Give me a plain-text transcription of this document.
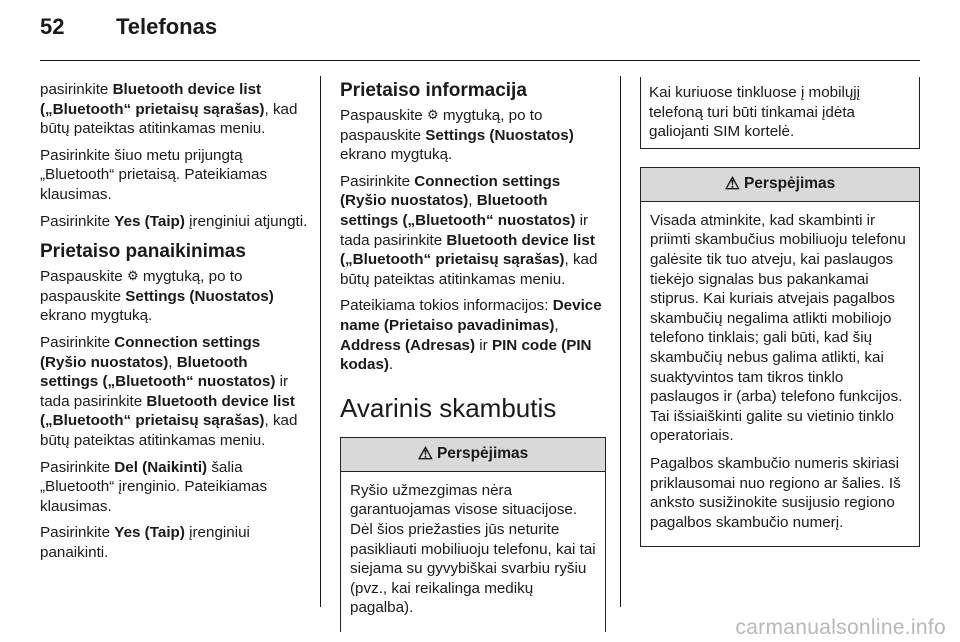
52 Telefonas

pasirinkite Bluetooth device list („Bluetooth“ prietaisų sąrašas), kad būtų pateiktas atitinkamas meniu.

Pasirinkite šiuo metu prijungtą „Bluetooth“ prietaisą. Pateikiamas klausimas.

Pasirinkite Yes (Taip) įrenginiui atjungti.

Prietaiso panaikinimas

Paspauskite ⚙ mygtuką, po to paspauskite Settings (Nuostatos) ekrano mygtuką.

Pasirinkite Connection settings (Ryšio nuostatos), Bluetooth settings („Bluetooth“ nuostatos) ir tada pasirinkite Bluetooth device list („Bluetooth“ prietaisų sąrašas), kad būtų pateiktas atitinkamas meniu.

Pasirinkite Del (Naikinti) šalia „Bluetooth“ įrenginio. Pateikiamas klausimas.

Pasirinkite Yes (Taip) įrenginiui panaikinti.

Prietaiso informacija

Paspauskite ⚙ mygtuką, po to paspauskite Settings (Nuostatos) ekrano mygtuką.

Pasirinkite Connection settings (Ryšio nuostatos), Bluetooth settings („Bluetooth“ nuostatos) ir tada pasirinkite Bluetooth device list („Bluetooth“ prietaisų sąrašas), kad būtų pateiktas atitinkamas meniu.

Pateikiama tokios informacijos: Device name (Prietaiso pavadinimas), Address (Adresas) ir PIN code (PIN kodas).

Avarinis skambutis
⚠ Perspėjimas

Ryšio užmezgimas nėra garantuojamas visose situacijose. Dėl šios priežasties jūs neturite pasikliauti mobiliuoju telefonu, kai tai siejama su gyvybiškai svarbiu ryšiu (pvz., kai reikalinga medikų pagalba).

Kai kuriuose tinkluose į mobilųjį telefoną turi būti tinkamai įdėta galiojanti SIM kortelė.

⚠ Perspėjimas

Visada atminkite, kad skambinti ir priimti skambučius mobiliuoju telefonu galėsite tik tuo atveju, kai paslaugos tiekėjo signalas bus pakankamai stiprus. Kai kuriais atvejais pagalbos skambučių negalima atlikti mobiliojo telefono tinklais; gali būti, kad šių skambučių nebus galima atlikti, kai suaktyvintos tam tikros tinklo paslaugos ir (arba) telefono funkcijos. Tai išsiaiškinti galite su vietinio tinklo operatoriais.

Pagalbos skambučio numeris skiriasi priklausomai nuo regiono ar šalies. Iš anksto susižinokite susijusio regiono pagalbos skambučio numerį.

carmanualsonline.info
